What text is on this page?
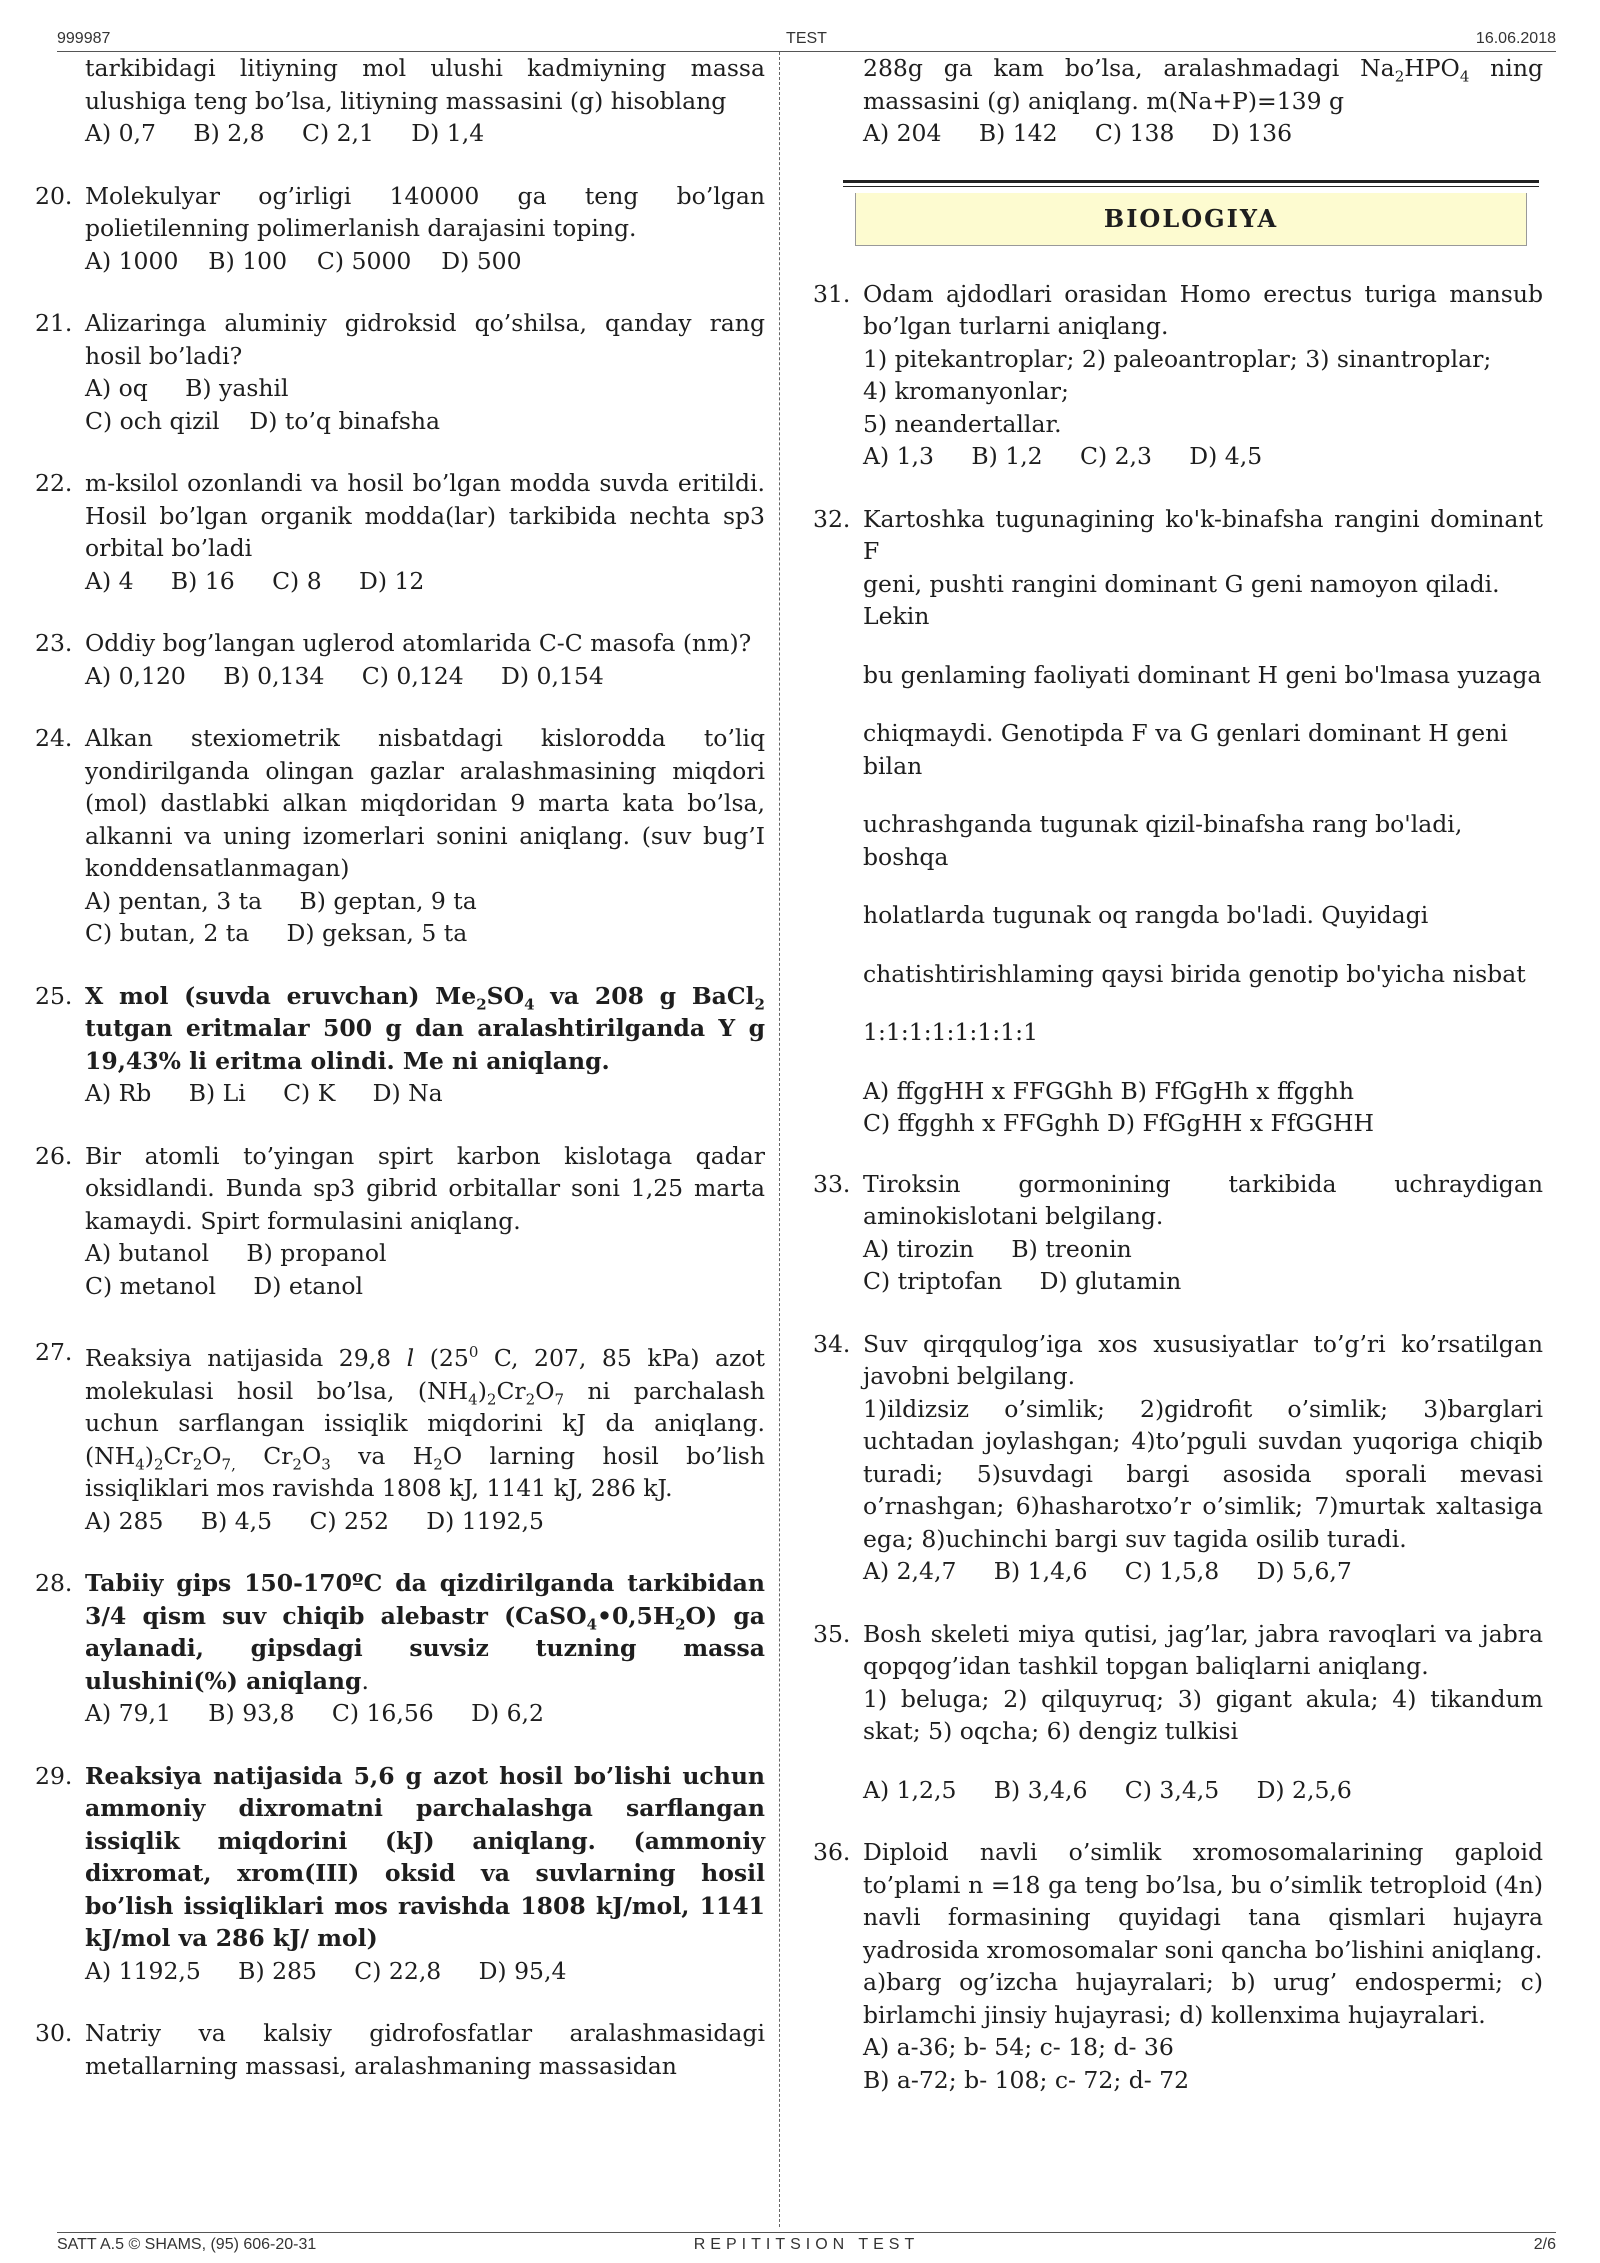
999987	TEST	16.06.2018
tarkibidagi litiyning mol ulushi kadmiyning massa ulushiga teng bo’lsa, litiyning massasini (g) hisoblang
A) 0,7     B) 2,8     C) 2,1     D) 1,4
20. Molekulyar og’irligi 140000 ga teng bo’lgan polietilenning polimerlanish darajasini toping.
A) 1000    B) 100    C) 5000    D) 500
21. Alizaringa aluminiy gidroksid qo’shilsa, qanday rang hosil bo’ladi?
A) oq     B) yashil
C) och qizil    D) to’q binafsha
22. m-ksilol ozonlandi va hosil bo’lgan modda suvda eritildi. Hosil bo’lgan organik modda(lar) tarkibida nechta sp3 orbital bo’ladi
A) 4     B) 16     C) 8     D) 12
23. Oddiy bog’langan uglerod atomlarida C-C masofa (nm)?
A) 0,120     B) 0,134     C) 0,124     D) 0,154
24. Alkan stexiometrik nisbatdagi kislorodda to’liq yondirilganda olingan gazlar aralashmasining miqdori (mol) dastlabki alkan miqdoridan 9 marta kata bo’lsa, alkanni va uning izomerlari sonini aniqlang. (suv bug’I konddensatlanmagan)
A) pentan, 3 ta     B) geptan, 9 ta
C) butan, 2 ta     D) geksan, 5 ta
25. X mol (suvda eruvchan) $Me_2SO_4$ va 208 g BaCl$_2$ tutgan eritmalar 500 g dan aralashtirilganda Y g 19,43% li eritma olindi. Me ni aniqlang.
A) Rb     B) Li     C) K     D) Na
26. Bir atomli to’yingan spirt karbon kislotaga qadar oksidlandi. Bunda sp3 gibrid orbitallar soni 1,25 marta kamaydi. Spirt formulasini aniqlang.
A) butanol     B) propanol
C) metanol     D) etanol
27. Reaksiya natijasida 29,8 l ($25^0$ C, 207, 85 kPa) azot molekulasi hosil bo’lsa, $(NH_4)_2Cr_2O_7$ ni parchalash uchun sarflangan issiqlik miqdorini kJ da aniqlang. $(NH_4)_2Cr_2O_{7,}$ $Cr_2O_3$ va $H_2O$ larning hosil bo’lish issiqliklari mos ravishda 1808 kJ, 1141 kJ, 286 kJ.
A) 285     B) 4,5     C) 252     D) 1192,5
28. Tabiiy gips 150-170ºC da qizdirilganda tarkibidan 3/4 qism suv chiqib alebastr $(CaSO_4•0,5H_2O)$ ga aylanadi, gipsdagi suvsiz tuzning massa ulushini(%) aniqlang.
A) 79,1     B) 93,8     C) 16,56     D) 6,2
29. Reaksiya natijasida 5,6 g azot hosil bo’lishi uchun ammoniy dixromatni parchalashga sarflangan issiqlik miqdorini (kJ) aniqlang. (ammoniy dixromat, xrom(III) oksid va suvlarning hosil bo’lish issiqliklari mos ravishda 1808 kJ/mol, 1141 kJ/mol va 286 kJ/ mol)
A) 1192,5     B) 285     C) 22,8     D) 95,4
30. Natriy va kalsiy gidrofosfatlar aralashmasidagi metallarning massasi, aralashmaning massasidan
288g ga kam bo’lsa, aralashmadagi $Na_2HPO_4$ ning massasini (g) aniqlang. m(Na+P)=139 g
A) 204     B) 142     C) 138     D) 136
BIOLOGIYA
31. Odam ajdodlari orasidan Homo erectus turiga mansub bo’lgan turlarni aniqlang.
1) pitekantroplar; 2) paleoantroplar; 3) sinantroplar;
4) kromanyonlar;
5) neandertallar.
A) 1,3     B) 1,2     C) 2,3     D) 4,5
32. Kartoshka tugunagining ko'k-binafsha rangini dominant F
geni, pushti rangini dominant G geni namoyon qiladi. Lekin
bu genlaming faoliyati dominant H geni bo'lmasa yuzaga
chiqmaydi. Genotipda F va G genlari dominant H geni bilan
uchrashganda tugunak qizil-binafsha rang bo'ladi, boshqa
holatlarda tugunak oq rangda bo'ladi. Quyidagi
chatishtirishlaming qaysi birida genotip bo'yicha nisbat
1:1:1:1:1:1:1:1
A) ffggHH x FFGGhh B) FfGgHh x ffgghh
C) ffgghh x FFGghh D) FfGgHH x FfGGHH
33. Tiroksin gormonining tarkibida uchraydigan aminokislotani belgilang.
A) tirozin     B) treonin
C) triptofan     D) glutamin
34. Suv qirqqulog’iga xos xususiyatlar to’g’ri ko’rsatilgan javobni belgilang.
1)ildizsiz o’simlik; 2)gidrofit o’simlik; 3)barglari uchtadan joylashgan; 4)to’pguli suvdan yuqoriga chiqib turadi; 5)suvdagi bargi asosida sporali mevasi o’rnashgan; 6)hasharotxo’r o’simlik; 7)murtak xaltasiga ega; 8)uchinchi bargi suv tagida osilib turadi.
A) 2,4,7     B) 1,4,6     C) 1,5,8     D) 5,6,7
35. Bosh skeleti miya qutisi, jag’lar, jabra ravoqlari va jabra qopqog’idan tashkil topgan baliqlarni aniqlang.
1) beluga; 2) qilquyruq; 3) gigant akula; 4) tikandum skat; 5) oqcha; 6) dengiz tulkisi
A) 1,2,5     B) 3,4,6     C) 3,4,5     D) 2,5,6
36. Diploid navli o’simlik xromosomalarining gaploid to’plami n =18 ga teng bo’lsa, bu o’simlik tetroploid (4n) navli formasining quyidagi tana qismlari hujayra yadrosida xromosomalar soni qancha bo’lishini aniqlang.
a)barg og’izcha hujayralari; b) urug’ endospermi; c) birlamchi jinsiy hujayrasi; d) kollenxima hujayralari.
A) a-36; b- 54; c- 18; d- 36
B) a-72; b- 108; c- 72; d- 72
SATT A.5 © SHAMS, (95) 606-20-31	REPITITSION TEST	2/6
